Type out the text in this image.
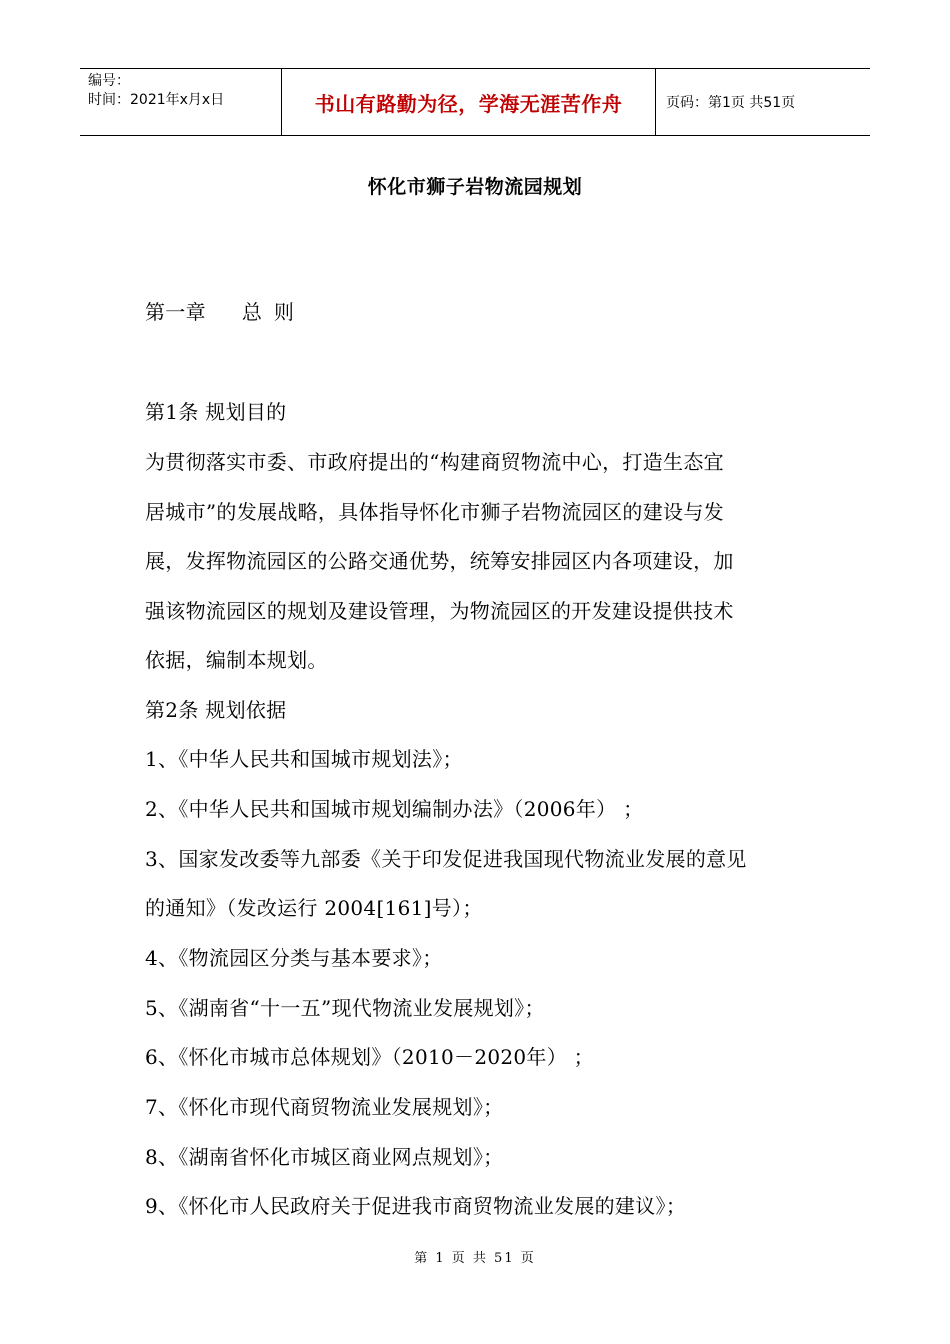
编号：
时间：2021年x月x日	书山有路勤为径，学海无涯苦作舟	页码：第1页 共51页
怀化市狮子岩物流园规划
第一章 总则
第1条 规划目的
为贯彻落实市委、市政府提出的“构建商贸物流中心，打造生态宜
居城市”的发展战略，具体指导怀化市狮子岩物流园区的建设与发
展，发挥物流园区的公路交通优势，统筹安排园区内各项建设，加
强该物流园区的规划及建设管理，为物流园区的开发建设提供技术
依据，编制本规划。
第2条 规划依据
1、《中华人民共和国城市规划法》；
2、《中华人民共和国城市规划编制办法》（2006年） ；
3、国家发改委等九部委《关于印发促进我国现代物流业发展的意见
的通知》（发改运行 2004[161]号）；
4、《物流园区分类与基本要求》；
5、《湖南省“十一五”现代物流业发展规划》；
6、《怀化市城市总体规划》（2010－2020年） ；
7、《怀化市现代商贸物流业发展规划》；
8、《湖南省怀化市城区商业网点规划》；
9、《怀化市人民政府关于促进我市商贸物流业发展的建议》；
第 1 页 共 51 页
